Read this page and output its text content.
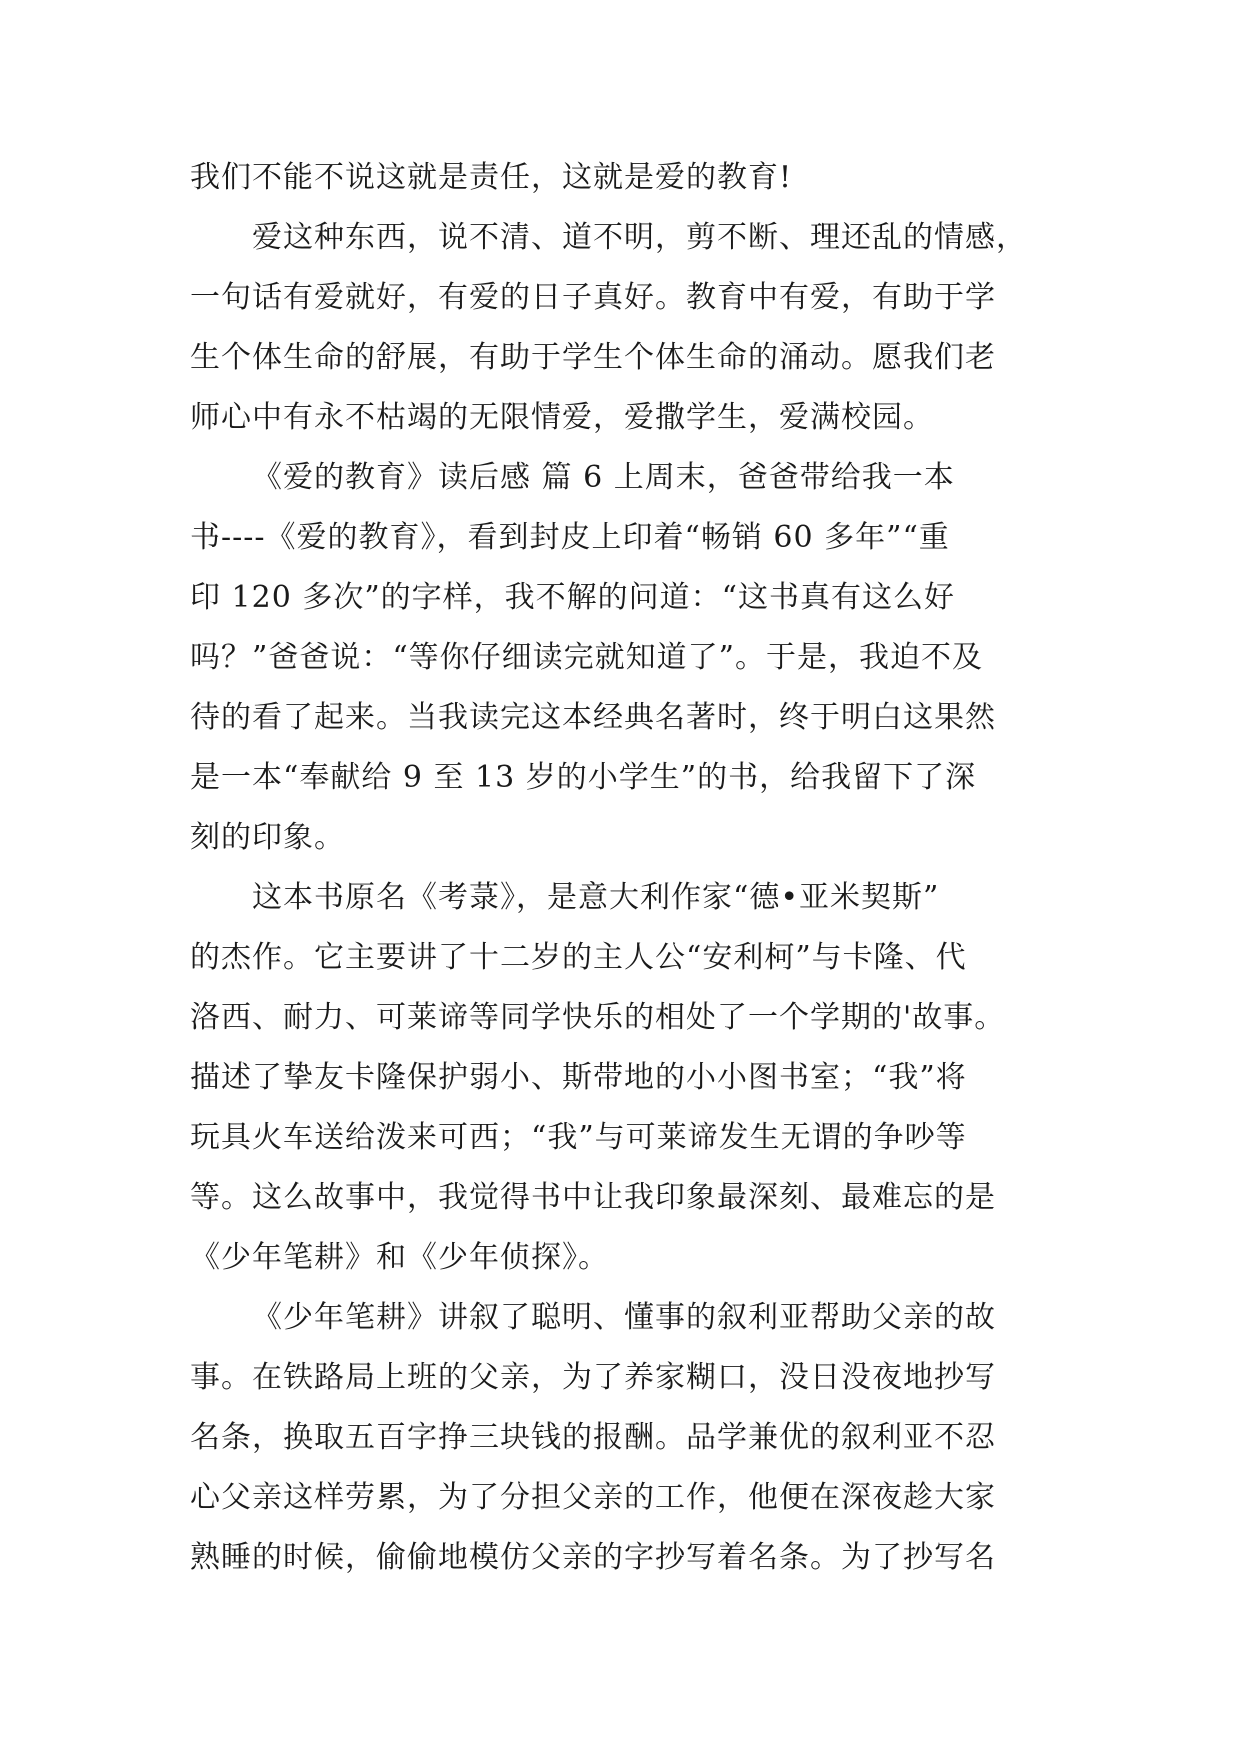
我们不能不说这就是责任，这就是爱的教育!
爱这种东西，说不清、道不明，剪不断、理还乱的情感，
一句话有爱就好，有爱的日子真好。教育中有爱，有助于学
生个体生命的舒展，有助于学生个体生命的涌动。愿我们老
师心中有永不枯竭的无限情爱，爱撒学生，爱满校园。
《爱的教育》读后感 篇 6 上周末，爸爸带给我一本
书----《爱的教育》，看到封皮上印着“畅销 60 多年”“重
印 120 多次”的字样，我不解的问道：“这书真有这么好
吗？”爸爸说：“等你仔细读完就知道了”。于是，我迫不及
待的看了起来。当我读完这本经典名著时，终于明白这果然
是一本“奉献给 9 至 13 岁的小学生”的书，给我留下了深
刻的印象。
这本书原名《考菉》，是意大利作家“德•亚米契斯”
的杰作。它主要讲了十二岁的主人公“安利柯”与卡隆、代
洛西、耐力、可莱谛等同学快乐的相处了一个学期的'故事。
描述了挚友卡隆保护弱小、斯带地的小小图书室；“我”将
玩具火车送给泼来可西；“我”与可莱谛发生无谓的争吵等
等。这么故事中，我觉得书中让我印象最深刻、最难忘的是
《少年笔耕》和《少年侦探》。
《少年笔耕》讲叙了聪明、懂事的叙利亚帮助父亲的故
事。在铁路局上班的父亲，为了养家糊口，没日没夜地抄写
名条，换取五百字挣三块钱的报酬。品学兼优的叙利亚不忍
心父亲这样劳累，为了分担父亲的工作，他便在深夜趁大家
熟睡的时候，偷偷地模仿父亲的字抄写着名条。为了抄写名
